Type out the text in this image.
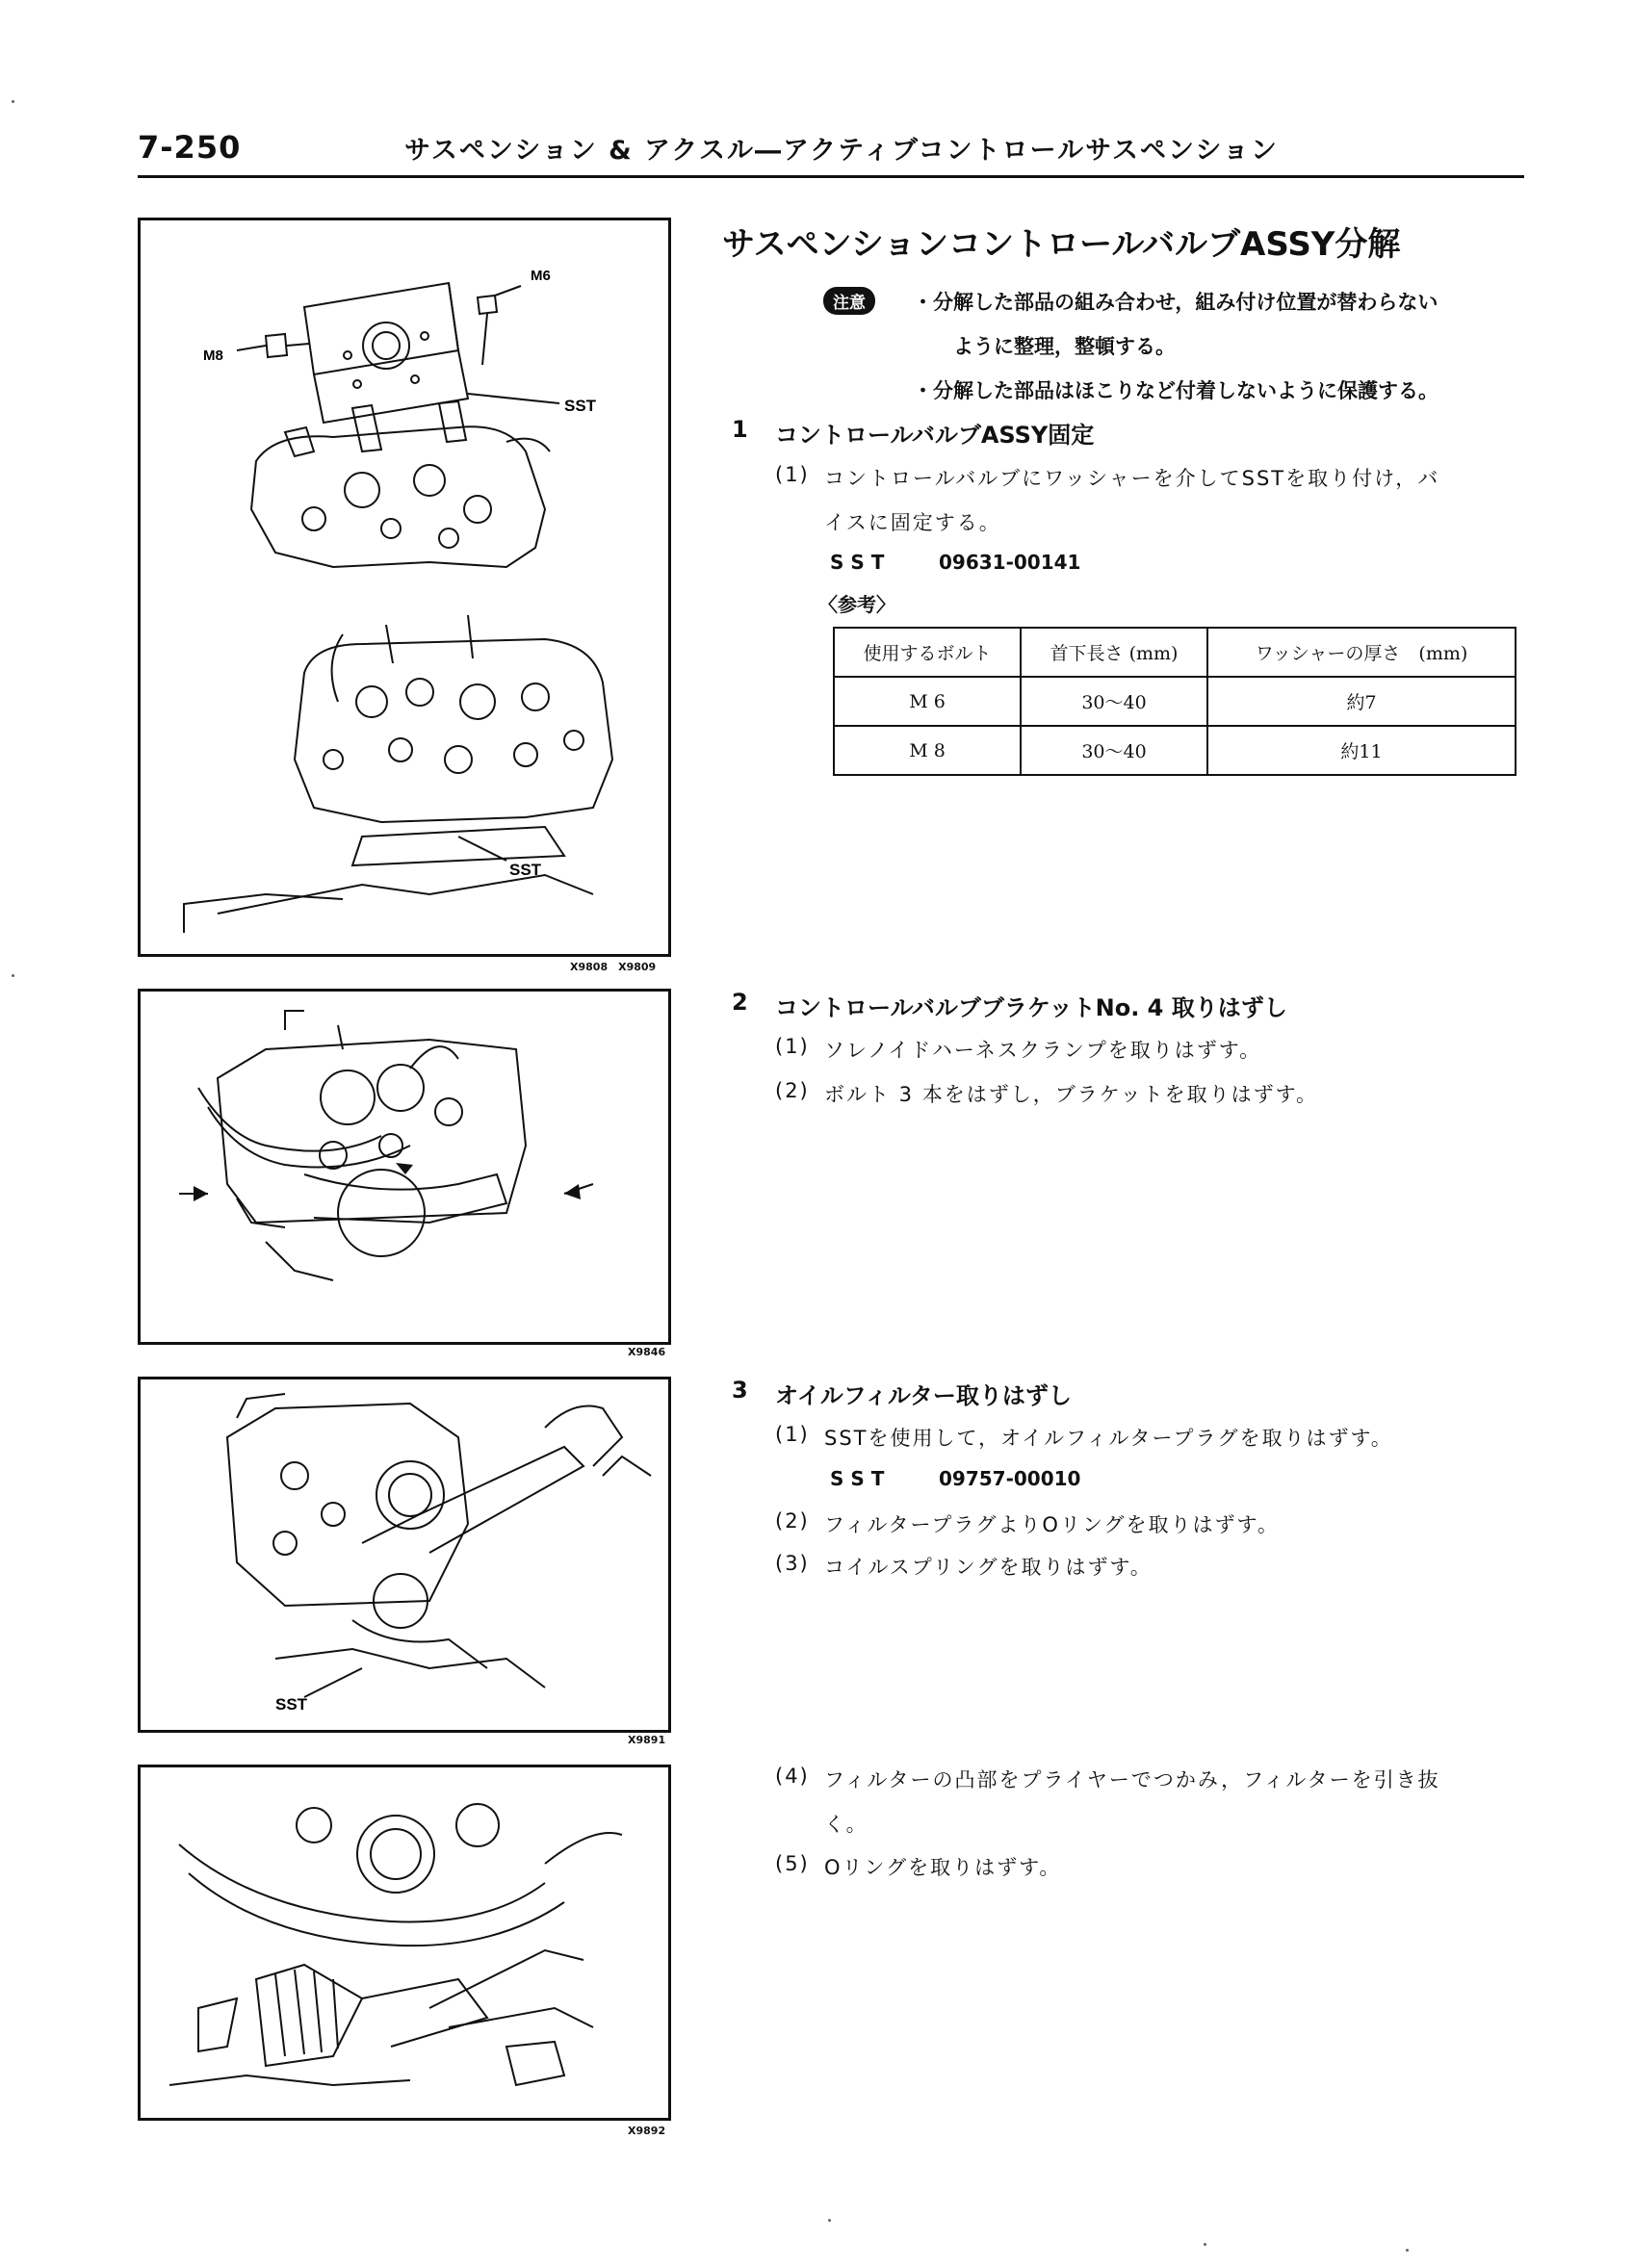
7-250	サスペンション & アクスル―アクティブコントロールサスペンション
M6
M8
SST
SST
X9808　X9809
X9846
SST
X9891
X9892
サスペンションコントロールバルブASSY分解
注意	・分解した部品の組み合わせ，組み付け位置が替わらない
ように整理，整頓する。
・分解した部品はほこりなど付着しないように保護する。
1 コントロールバルブASSY固定
(1) コントロールバルブにワッシャーを介してSSTを取り付け，バ
イスに固定する。
S S T	09631-00141
〈参考〉
使用するボルト	首下長さ (mm)	ワッシャーの厚さ　(mm)
M 6	30〜40	約7
M 8	30〜40	約11
2 コントロールバルブブラケットNo. 4 取りはずし
(1) ソレノイドハーネスクランプを取りはずす。
(2) ボルト 3 本をはずし，ブラケットを取りはずす。
3 オイルフィルター取りはずし
(1) SSTを使用して，オイルフィルタープラグを取りはずす。
S S T	09757-00010
(2) フィルタープラグよりOリングを取りはずす。
(3) コイルスプリングを取りはずす。
(4) フィルターの凸部をプライヤーでつかみ，フィルターを引き抜
く。
(5) Oリングを取りはずす。
